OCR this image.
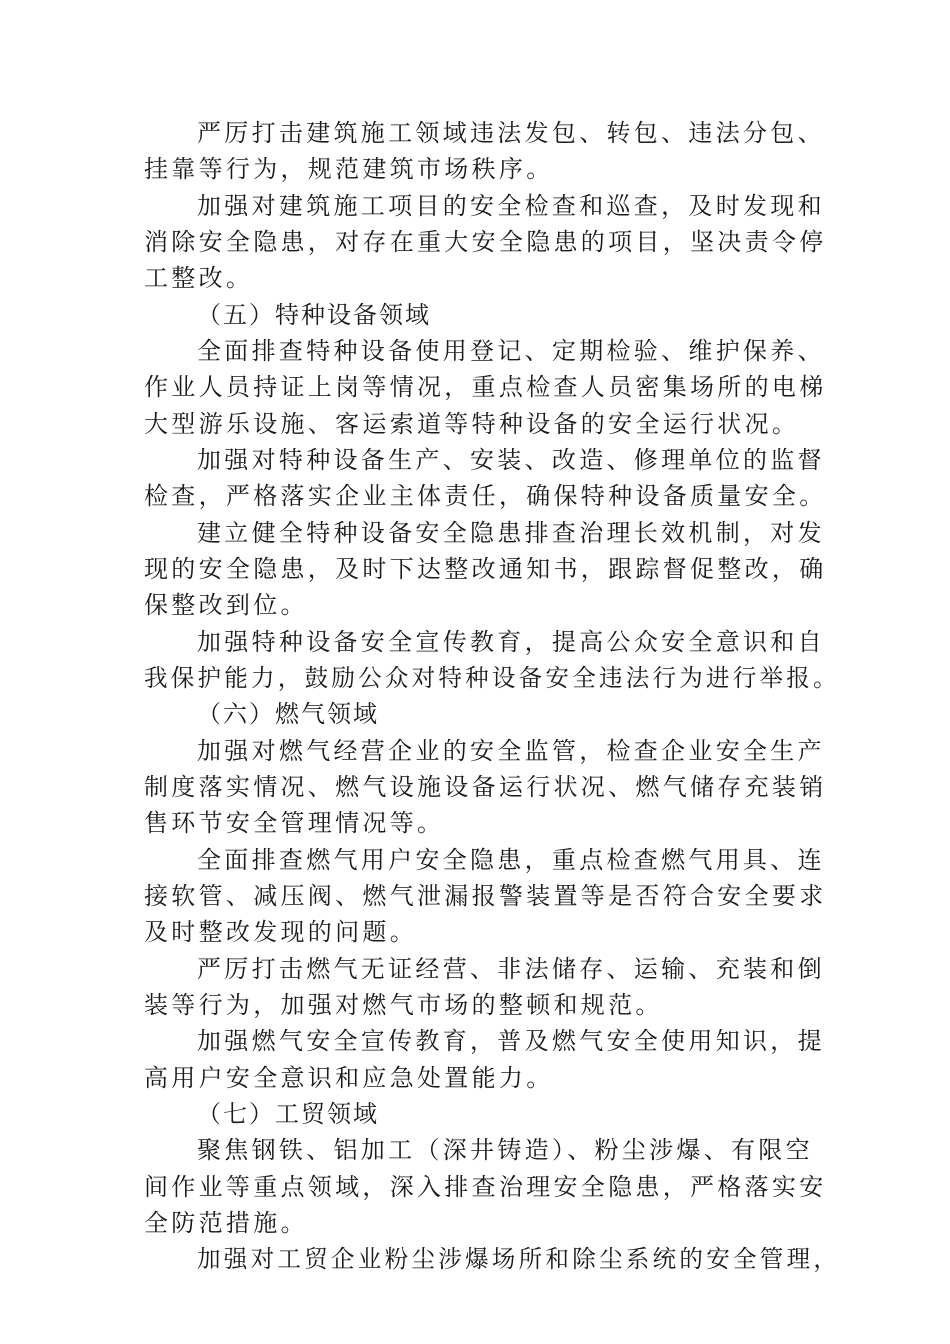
严厉打击建筑施工领域违法发包、转包、违法分包、
挂靠等行为，规范建筑市场秩序。
加强对建筑施工项目的安全检查和巡查，及时发现和
消除安全隐患，对存在重大安全隐患的项目，坚决责令停
工整改。
（五）特种设备领域
全面排查特种设备使用登记、定期检验、维护保养、
作业人员持证上岗等情况，重点检查人员密集场所的电梯
大型游乐设施、客运索道等特种设备的安全运行状况。
加强对特种设备生产、安装、改造、修理单位的监督
检查，严格落实企业主体责任，确保特种设备质量安全。
建立健全特种设备安全隐患排查治理长效机制，对发
现的安全隐患，及时下达整改通知书，跟踪督促整改，确
保整改到位。
加强特种设备安全宣传教育，提高公众安全意识和自
我保护能力，鼓励公众对特种设备安全违法行为进行举报。
（六）燃气领域
加强对燃气经营企业的安全监管，检查企业安全生产
制度落实情况、燃气设施设备运行状况、燃气储存充装销
售环节安全管理情况等。
全面排查燃气用户安全隐患，重点检查燃气用具、连
接软管、减压阀、燃气泄漏报警装置等是否符合安全要求
及时整改发现的问题。
严厉打击燃气无证经营、非法储存、运输、充装和倒
装等行为，加强对燃气市场的整顿和规范。
加强燃气安全宣传教育，普及燃气安全使用知识，提
高用户安全意识和应急处置能力。
（七）工贸领域
聚焦钢铁、铝加工（深井铸造）、粉尘涉爆、有限空
间作业等重点领域，深入排查治理安全隐患，严格落实安
全防范措施。
加强对工贸企业粉尘涉爆场所和除尘系统的安全管理，
